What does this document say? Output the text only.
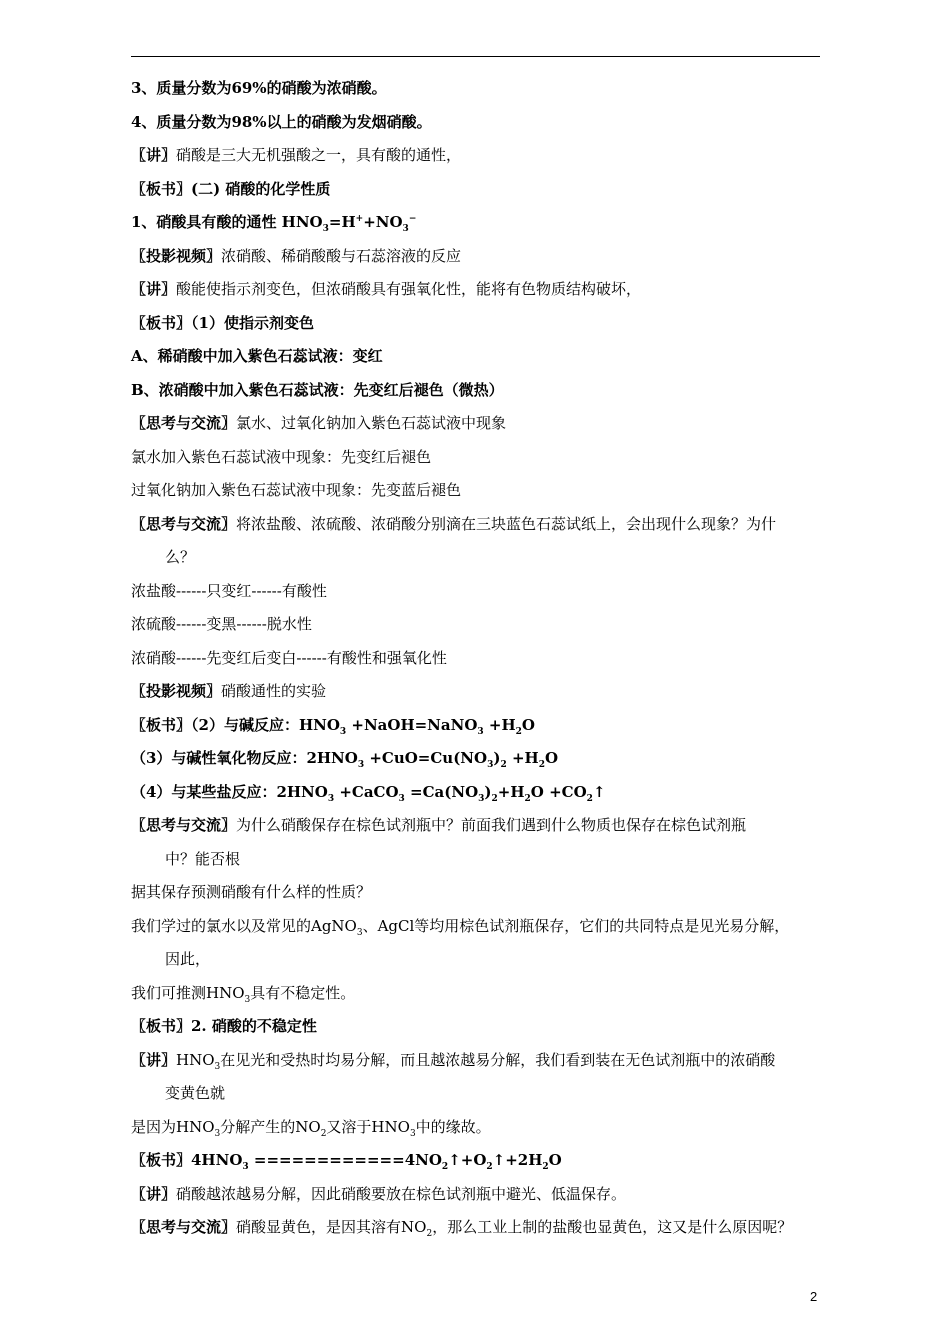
3、质量分数为69%的硝酸为浓硝酸。
4、质量分数为98%以上的硝酸为发烟硝酸。
〖讲〗硝酸是三大无机强酸之一，具有酸的通性，
〖板书〗(二) 硝酸的化学性质
1、硝酸具有酸的通性 $HNO_3=H^++NO_3^-$
〖投影视频〗浓硝酸、稀硝酸酸与石蕊溶液的反应
〖讲〗酸能使指示剂变色，但浓硝酸具有强氧化性，能将有色物质结构破坏，
〖板书〗（1）使指示剂变色
A、稀硝酸中加入紫色石蕊试液：变红
B、浓硝酸中加入紫色石蕊试液：先变红后褪色（微热）
〖思考与交流〗氯水、过氧化钠加入紫色石蕊试液中现象
氯水加入紫色石蕊试液中现象：先变红后褪色
过氧化钠加入紫色石蕊试液中现象：先变蓝后褪色
〖思考与交流〗将浓盐酸、浓硫酸、浓硝酸分别滴在三块蓝色石蕊试纸上，会出现什么现象？为什
么？
浓盐酸------只变红------有酸性
浓硫酸------变黑------脱水性
浓硝酸------先变红后变白------有酸性和强氧化性
〖投影视频〗硝酸通性的实验
〖板书〗（2）与碱反应：$HNO_3$ +NaOH=NaNO$_3$ $+H_2O$
（3）与碱性氧化物反应：$2HNO_3 +CuO=Cu(NO_3)_2 +H_2O$
（4）与某些盐反应：$2HNO_3$ +CaCO$_3$ $=Ca(NO_3)_2+H_2O$ $+CO_2↑$
〖思考与交流〗为什么硝酸保存在棕色试剂瓶中？前面我们遇到什么物质也保存在棕色试剂瓶
中？能否根
据其保存预测硝酸有什么样的性质？
我们学过的氯水以及常见的AgNO$_3$、AgCl等均用棕色试剂瓶保存，它们的共同特点是见光易分解，
因此，
我们可推测$HNO_3$具有不稳定性。
〖板书〗2. 硝酸的不稳定性
〖讲〗$HNO_3$在见光和受热时均易分解，而且越浓越易分解，我们看到装在无色试剂瓶中的浓硝酸
变黄色就
是因为$HNO_3$分解产生的$NO_2$又溶于$HNO_3$中的缘故。
〖板书〗$4HNO_3$ $============4NO_2↑+O_2↑+2H_2O$
〖讲〗硝酸越浓越易分解，因此硝酸要放在棕色试剂瓶中避光、低温保存。
〖思考与交流〗硝酸显黄色，是因其溶有$NO_2$，那么工业上制的盐酸也显黄色，这又是什么原因呢？
2
